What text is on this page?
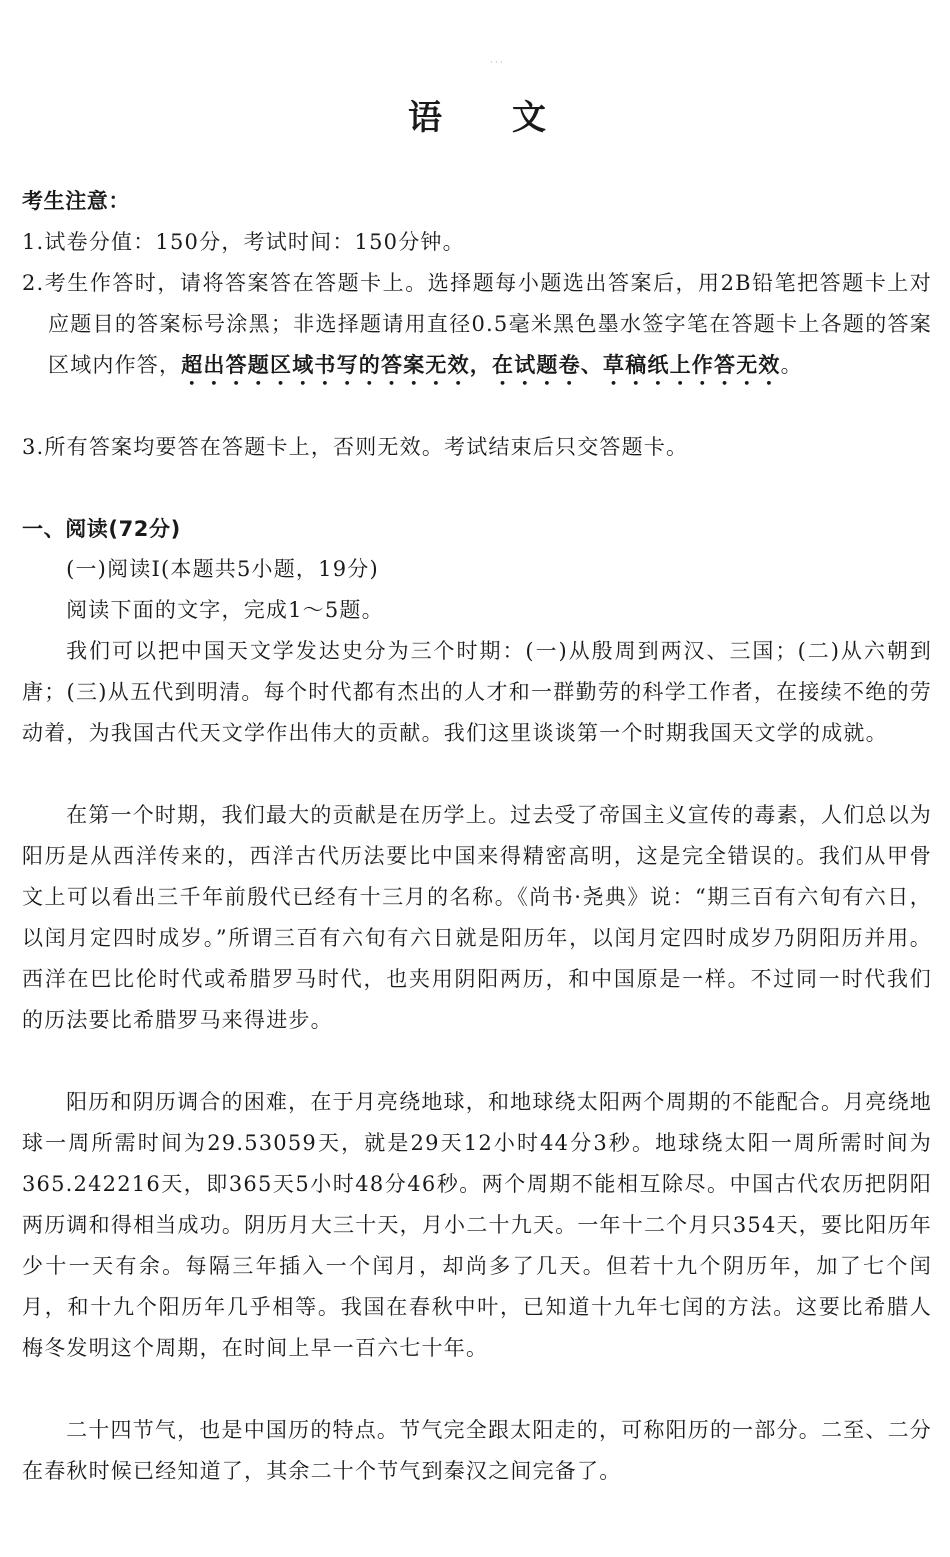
· · ·
语文
考生注意：
1.试卷分值：150分，考试时间：150分钟。
2.考生作答时，请将答案答在答题卡上。选择题每小题选出答案后，用2B铅笔把答题卡上对应题目的答案标号涂黑；非选择题请用直径0.5毫米黑色墨水签字笔在答题卡上各题的答案区域内作答，超出答题区域书写的答案无效，在试题卷、草稿纸上作答无效。
3.所有答案均要答在答题卡上，否则无效。考试结束后只交答题卡。
一、阅读(72分)
(一)阅读Ⅰ(本题共5小题，19分)
阅读下面的文字，完成1～5题。
我们可以把中国天文学发达史分为三个时期：(一)从殷周到两汉、三国；(二)从六朝到唐；(三)从五代到明清。每个时代都有杰出的人才和一群勤劳的科学工作者，在接续不绝的劳动着，为我国古代天文学作出伟大的贡献。我们这里谈谈第一个时期我国天文学的成就。
在第一个时期，我们最大的贡献是在历学上。过去受了帝国主义宣传的毒素，人们总以为阳历是从西洋传来的，西洋古代历法要比中国来得精密高明，这是完全错误的。我们从甲骨文上可以看出三千年前殷代已经有十三月的名称。《尚书·尧典》说：“期三百有六旬有六日，以闰月定四时成岁。”所谓三百有六旬有六日就是阳历年，以闰月定四时成岁乃阴阳历并用。西洋在巴比伦时代或希腊罗马时代，也夹用阴阳两历，和中国原是一样。不过同一时代我们的历法要比希腊罗马来得进步。
阳历和阴历调合的困难，在于月亮绕地球，和地球绕太阳两个周期的不能配合。月亮绕地球一周所需时间为29.53059天，就是29天12小时44分3秒。地球绕太阳一周所需时间为365.242216天，即365天5小时48分46秒。两个周期不能相互除尽。中国古代农历把阴阳两历调和得相当成功。阴历月大三十天，月小二十九天。一年十二个月只354天，要比阳历年少十一天有余。每隔三年插入一个闰月，却尚多了几天。但若十九个阴历年，加了七个闰月，和十九个阳历年几乎相等。我国在春秋中叶，已知道十九年七闰的方法。这要比希腊人梅冬发明这个周期，在时间上早一百六七十年。
二十四节气，也是中国历的特点。节气完全跟太阳走的，可称阳历的一部分。二至、二分在春秋时候已经知道了，其余二十个节气到秦汉之间完备了。
